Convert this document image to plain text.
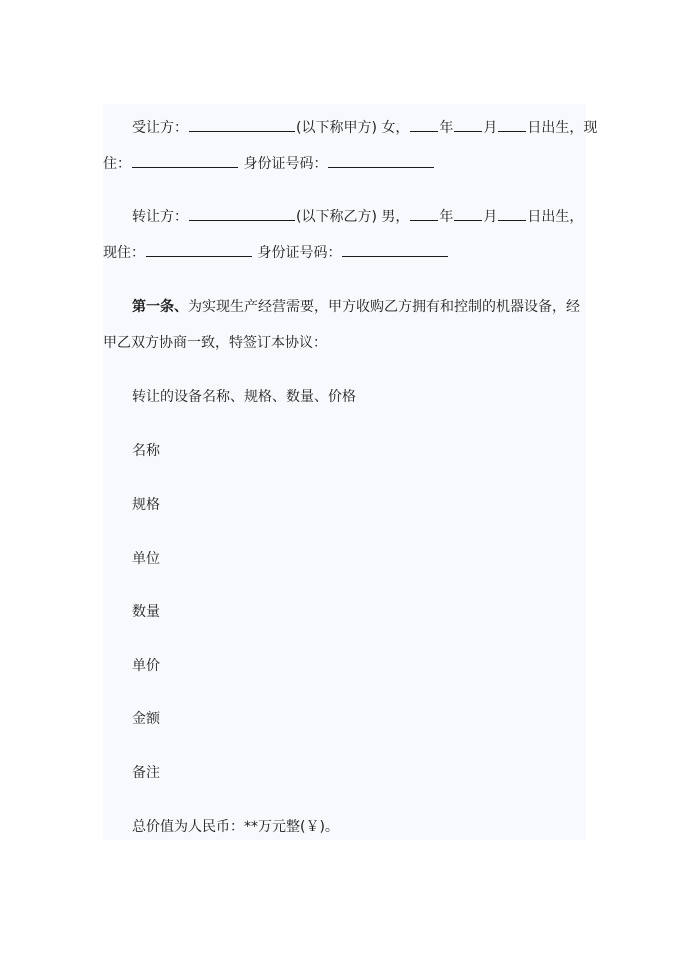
受让方：	(以下称甲方) 女， 年 月 日出生，现
住：	身份证号码：
转让方：	(以下称乙方) 男， 年 月 日出生，
现住：	身份证号码：
第一条、为实现生产经营需要，甲方收购乙方拥有和控制的机器设备，经
甲乙双方协商一致，特签订本协议：
转让的设备名称、规格、数量、价格
名称
规格
单位
数量
单价
金额
备注
总价值为人民币：**万元整(￥)。
